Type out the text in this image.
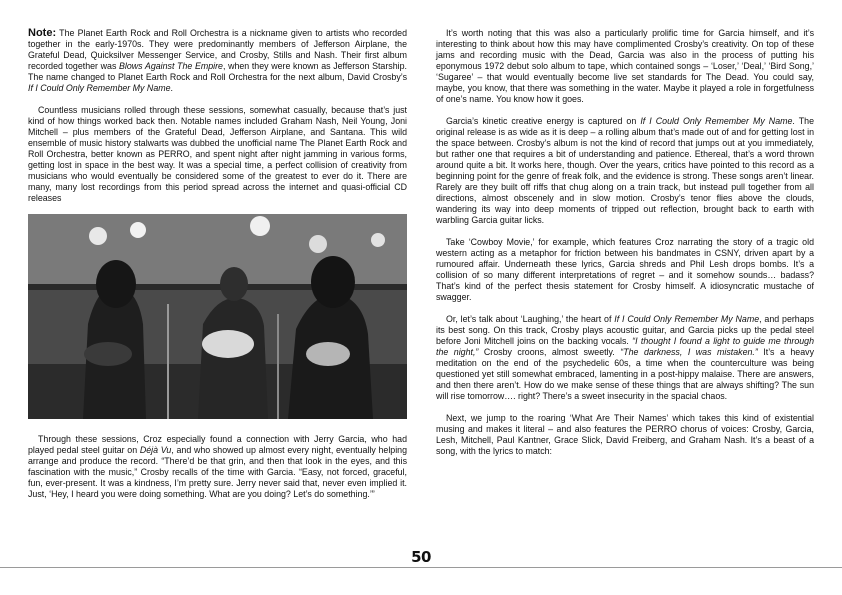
Note: The Planet Earth Rock and Roll Orchestra is a nickname given to artists who recorded together in the early-1970s. They were predominantly members of Jefferson Airplane, the Grateful Dead, Quicksilver Messenger Service, and Crosby, Stills and Nash. Their first album recorded together was Blows Against The Empire, when they were known as Jefferson Starship. The name changed to Planet Earth Rock and Roll Orchestra for the next album, David Crosby’s If I Could Only Remember My Name.

Countless musicians rolled through these sessions, somewhat casually, because that’s just kind of how things worked back then. Notable names included Graham Nash, Neil Young, Joni Mitchell – plus members of the Grateful Dead, Jefferson Airplane, and Santana. This wild ensemble of music history stalwarts was dubbed the unofficial name The Planet Earth Rock and Roll Orchestra, better known as PERRO, and spent night after night jamming in various forms, getting lost in space in the best way. It was a special time, a perfect collision of creativity from musicians who would eventually be considered some of the greatest to ever do it. There are many, many lost recordings from this period spread across the internet and quasi-official CD releases

Through these sessions, Croz especially found a connection with Jerry Garcia, who had played pedal steel guitar on Déjà Vu, and who showed up almost every night, eventually helping arrange and produce the record. “There’d be that grin, and then that look in the eyes, and this fascination with the music,” Crosby recalls of the time with Garcia. “Easy, not forced, graceful, fun, ever-present. It was a kindness, I’m pretty sure. Jerry never said that, never even implied it. Just, ‘Hey, I heard you were doing something. What are you doing? Let’s do something.’”

It’s worth noting that this was also a particularly prolific time for Garcia himself, and it’s interesting to think about how this may have complimented Crosby’s creativity. On top of these jams and recording music with the Dead, Garcia was also in the process of putting his eponymous 1972 debut solo album to tape, which contained songs – ‘Loser,’ ‘Deal,’ ‘Bird Song,’ ‘Sugaree’ – that would eventually become live set standards for The Dead. You could say, maybe, you know, that there was something in the water. Maybe it played a role in forgetfulness of one’s name. You know how it goes.

Garcia’s kinetic creative energy is captured on If I Could Only Remember My Name. The original release is as wide as it is deep – a rolling album that’s made out of and for getting lost in the space between. Crosby’s album is not the kind of record that jumps out at you immediately, but rather one that requires a bit of understanding and patience. Ethereal, that’s a word thrown around quite a bit. It works here, though. Over the years, critics have pointed to this record as a beginning point for the genre of freak folk, and the evidence is strong. These songs aren’t linear. Rarely are they built off riffs that chug along on a train track, but instead pull together from all directions, almost obscenely and in slow motion. Crosby’s tenor flies above the clouds, wandering its way into deep moments of tripped out reflection, brought back to earth with warbling Garcia guitar licks.

Take ‘Cowboy Movie,’ for example, which features Croz narrating the story of a tragic old western acting as a metaphor for friction between his bandmates in CSNY, driven apart by a rumoured affair. Underneath these lyrics, Garcia shreds and Phil Lesh drops bombs. It’s a collision of so many different interpretations of regret – and it somehow sounds… badass? That’s kind of the perfect thesis statement for Crosby himself. A idiosyncratic mustache of swagger.

Or, let’s talk about ‘Laughing,’ the heart of If I Could Only Remember My Name, and perhaps its best song. On this track, Crosby plays acoustic guitar, and Garcia picks up the pedal steel before Joni Mitchell joins on the backing vocals. “I thought I found a light to guide me through the night,” Crosby croons, almost sweetly. “The darkness, I was mistaken.” It’s a heavy meditation on the end of the psychedelic 60s, a time when the counterculture was being questioned yet still somewhat embraced, lamenting in a post-hippy malaise. There are answers, and then there aren’t. How do we make sense of these things that are always shifting? The sun will rise tomorrow…. right? There’s a sweet insecurity in the spacial chaos.

Next, we jump to the roaring ‘What Are Their Names’ which takes this kind of existential musing and makes it literal – and also features the PERRO chorus of voices: Crosby, Garcia, Lesh, Mitchell, Paul Kantner, Grace Slick, David Freiberg, and Graham Nash. It’s a beast of a song, with the lyrics to match:

50
